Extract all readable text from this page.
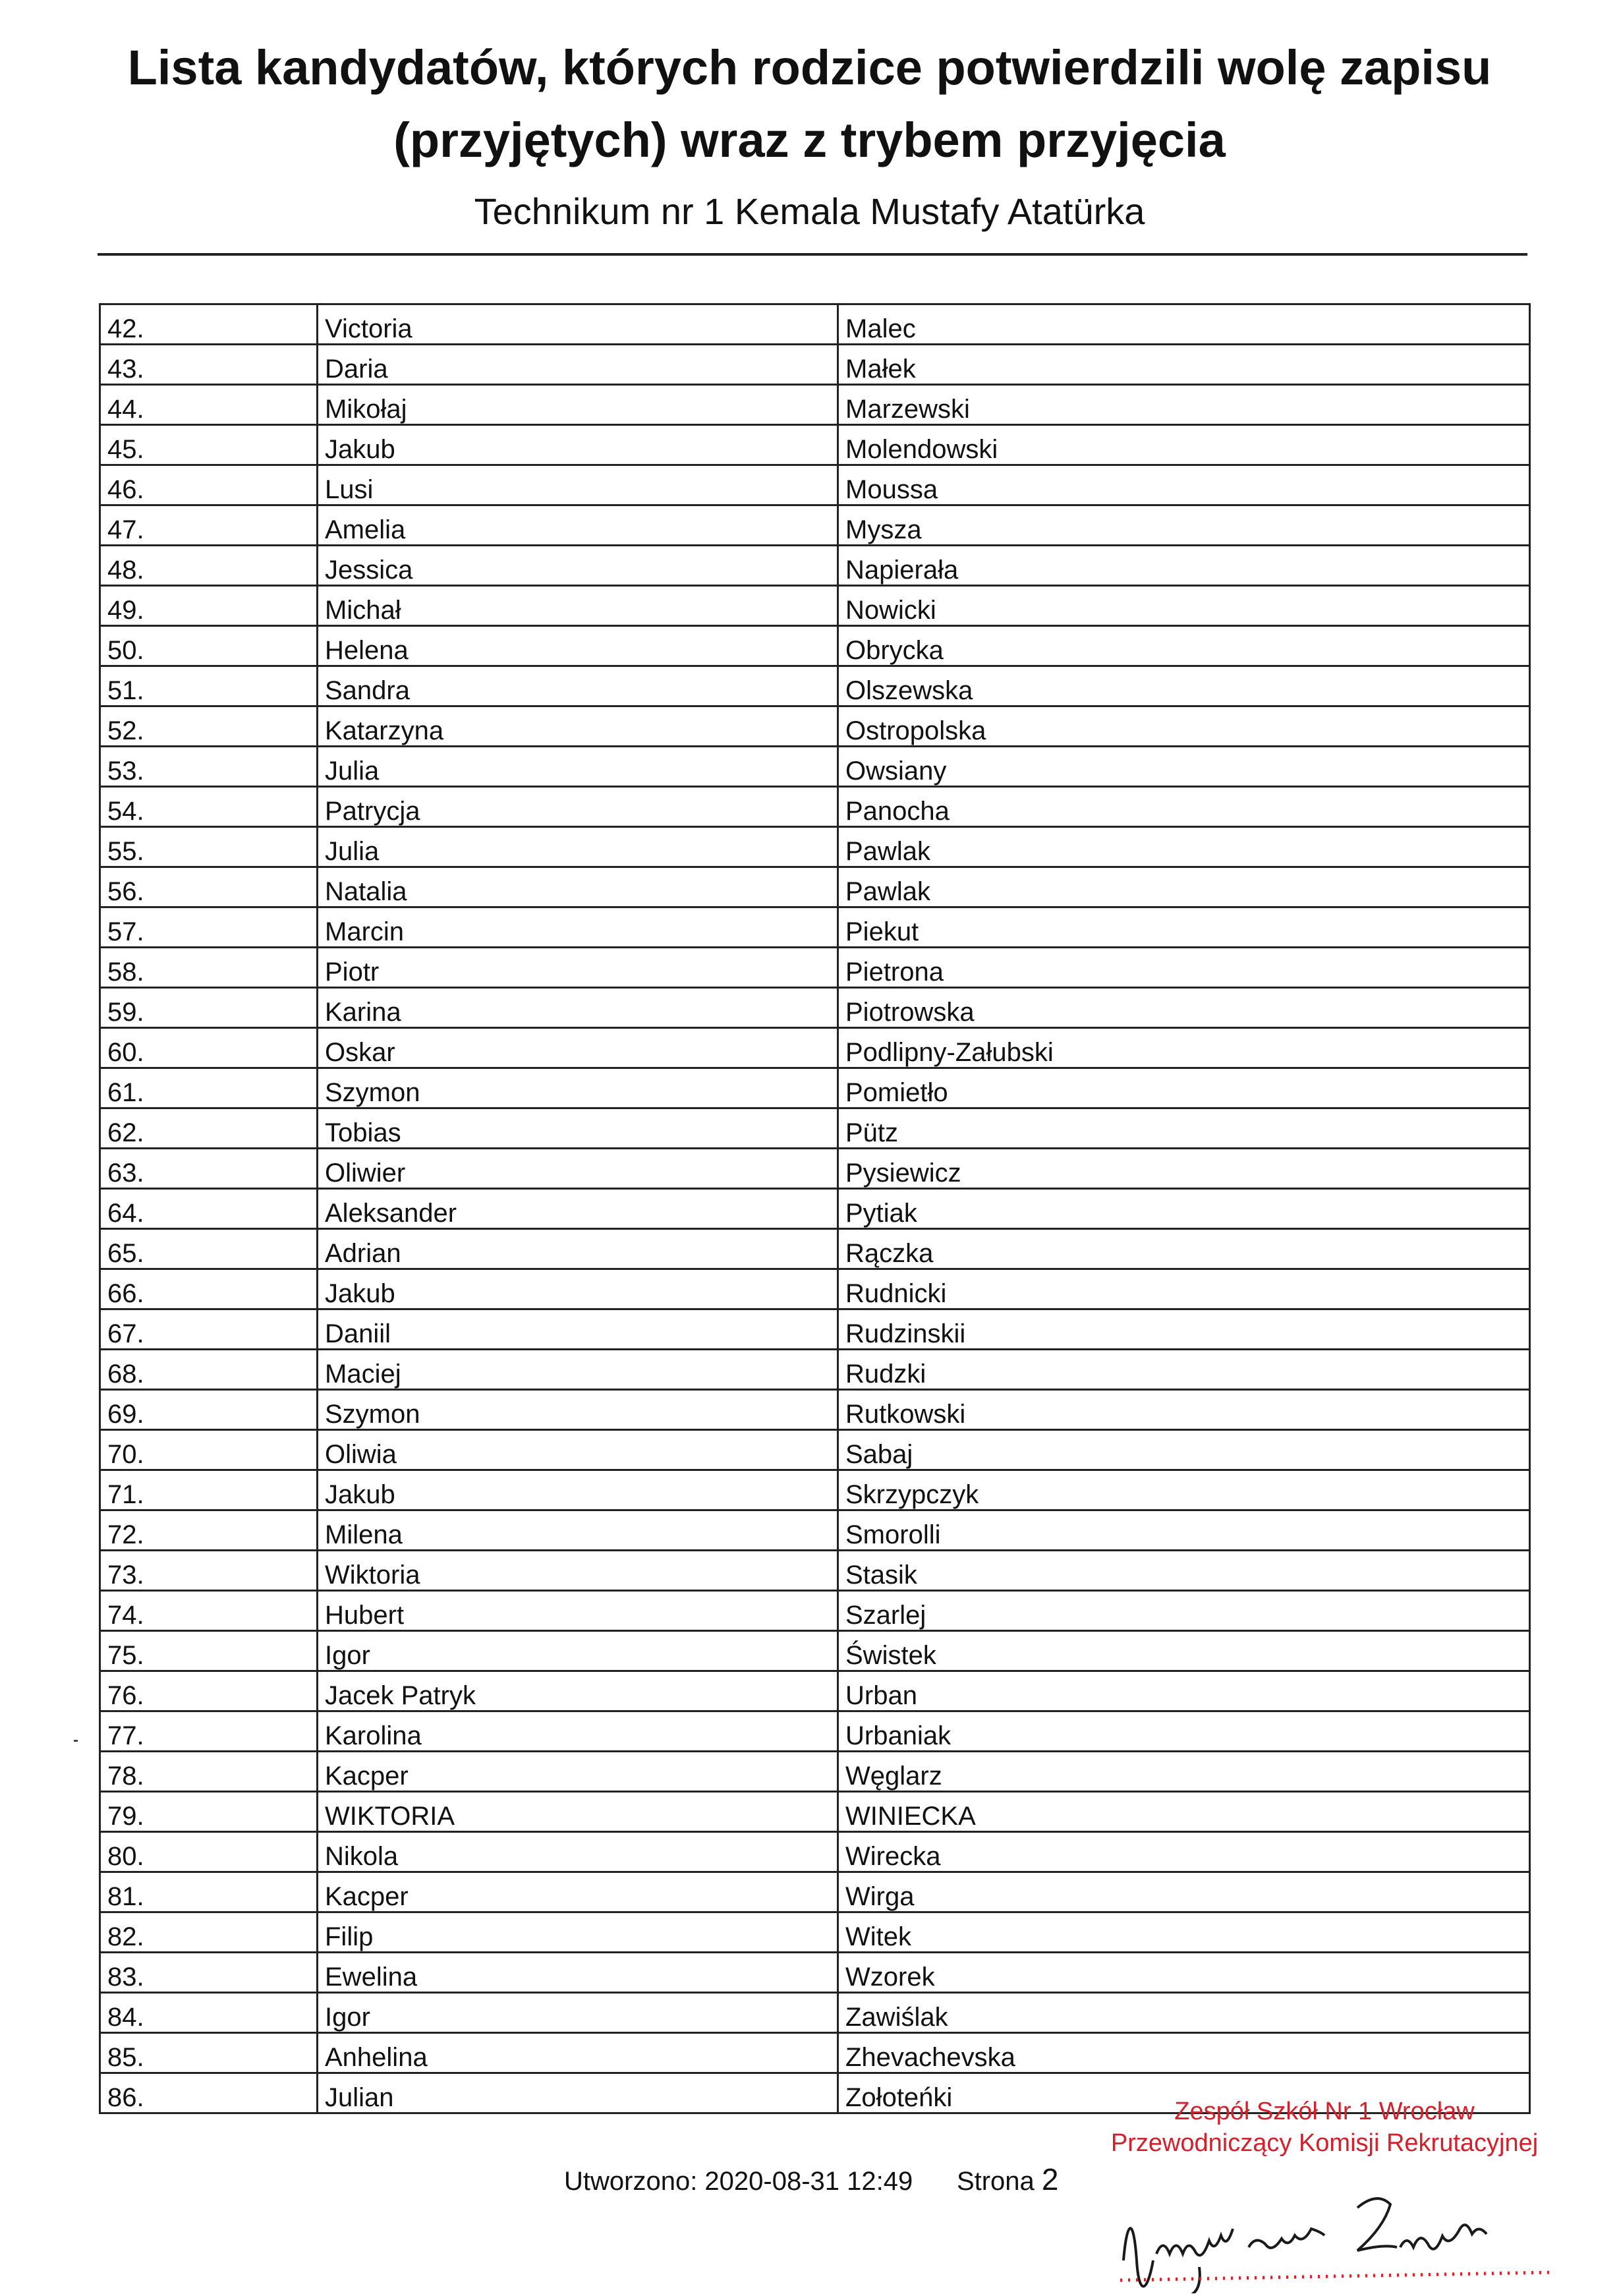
Lista kandydatów, których rodzice potwierdzili wolę zapisu
(przyjętych) wraz z trybem przyjęcia
Technikum nr 1 Kemala Mustafy Atatürka
42.	Victoria	Malec
43.	Daria	Małek
44.	Mikołaj	Marzewski
45.	Jakub	Molendowski
46.	Lusi	Moussa
47.	Amelia	Mysza
48.	Jessica	Napierała
49.	Michał	Nowicki
50.	Helena	Obrycka
51.	Sandra	Olszewska
52.	Katarzyna	Ostropolska
53.	Julia	Owsiany
54.	Patrycja	Panocha
55.	Julia	Pawlak
56.	Natalia	Pawlak
57.	Marcin	Piekut
58.	Piotr	Pietrona
59.	Karina	Piotrowska
60.	Oskar	Podlipny-Załubski
61.	Szymon	Pomietło
62.	Tobias	Pütz
63.	Oliwier	Pysiewicz
64.	Aleksander	Pytiak
65.	Adrian	Rączka
66.	Jakub	Rudnicki
67.	Daniil	Rudzinskii
68.	Maciej	Rudzki
69.	Szymon	Rutkowski
70.	Oliwia	Sabaj
71.	Jakub	Skrzypczyk
72.	Milena	Smorolli
73.	Wiktoria	Stasik
74.	Hubert	Szarlej
75.	Igor	Świstek
76.	Jacek Patryk	Urban
77.	Karolina	Urbaniak
78.	Kacper	Węglarz
79.	WIKTORIA	WINIECKA
80.	Nikola	Wirecka
81.	Kacper	Wirga
82.	Filip	Witek
83.	Ewelina	Wzorek
84.	Igor	Zawiślak
85.	Anhelina	Zhevachevska
86.	Julian	Zołoteńki
Utworzono: 2020-08-31 12:49 Strona 2
Zespół Szkół Nr 1 Wrocław
Przewodniczący Komisji Rekrutacyjnej
